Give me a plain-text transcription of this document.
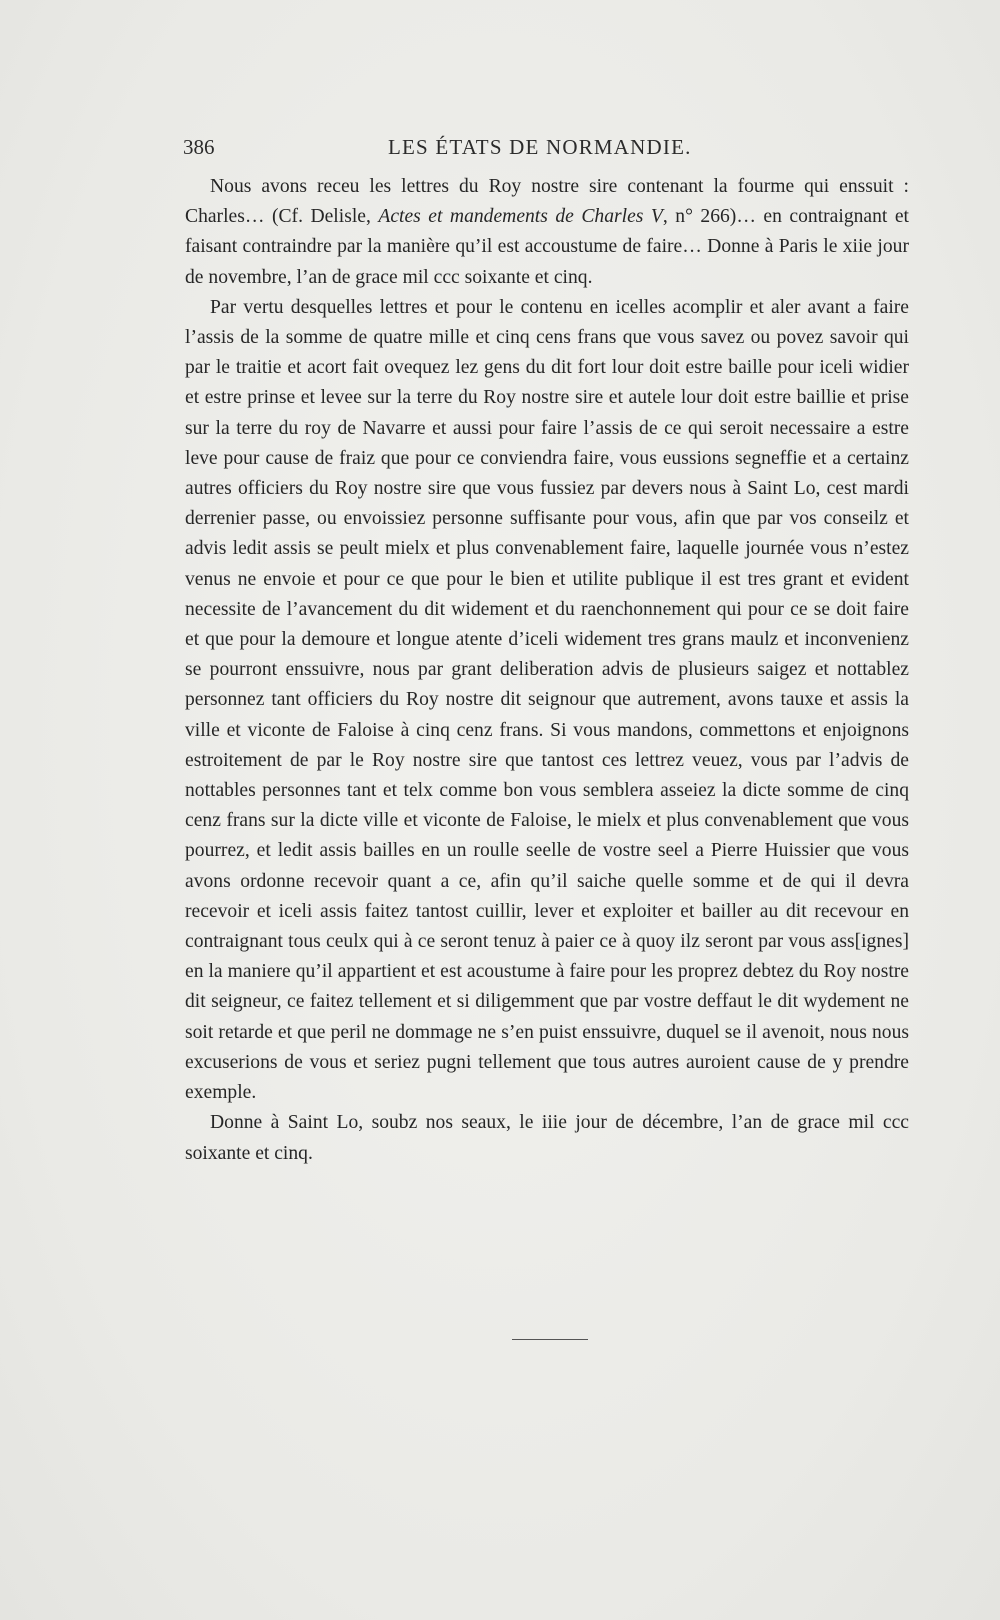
386	LES ÉTATS DE NORMANDIE.

Nous avons receu les lettres du Roy nostre sire contenant la fourme qui enssuit : Charles… (Cf. Delisle, Actes et mandements de Charles V, n° 266)… en contraignant et faisant contraindre par la manière qu’il est accoustume de faire… Donne à Paris le xiie jour de novembre, l’an de grace mil ccc soixante et cinq.

Par vertu desquelles lettres et pour le contenu en icelles acomplir et aler avant a faire l’assis de la somme de quatre mille et cinq cens frans que vous savez ou povez savoir qui par le traitie et acort fait ovequez lez gens du dit fort lour doit estre baille pour iceli widier et estre prinse et levee sur la terre du Roy nostre sire et autele lour doit estre baillie et prise sur la terre du roy de Navarre et aussi pour faire l’assis de ce qui seroit necessaire a estre leve pour cause de fraiz que pour ce conviendra faire, vous eussions segneffie et a certainz autres officiers du Roy nostre sire que vous fussiez par devers nous à Saint Lo, cest mardi derrenier passe, ou envoissiez personne suffisante pour vous, afin que par vos conseilz et advis ledit assis se peult mielx et plus convenablement faire, laquelle journée vous n’estez venus ne envoie et pour ce que pour le bien et utilite publique il est tres grant et evident necessite de l’avancement du dit widement et du raenchonnement qui pour ce se doit faire et que pour la demoure et longue atente d’iceli widement tres grans maulz et inconvenienz se pourront enssuivre, nous par grant deliberation advis de plusieurs saigez et nottablez personnez tant officiers du Roy nostre dit seignour que autrement, avons tauxe et assis la ville et viconte de Faloise à cinq cenz frans. Si vous mandons, commettons et enjoignons estroitement de par le Roy nostre sire que tantost ces lettrez veuez, vous par l’advis de nottables personnes tant et telx comme bon vous semblera asseiez la dicte somme de cinq cenz frans sur la dicte ville et viconte de Faloise, le mielx et plus convenablement que vous pourrez, et ledit assis bailles en un roulle seelle de vostre seel a Pierre Huissier que vous avons ordonne recevoir quant a ce, afin qu’il saiche quelle somme et de qui il devra recevoir et iceli assis faitez tantost cuillir, lever et exploiter et bailler au dit recevour en contraignant tous ceulx qui à ce seront tenuz à paier ce à quoy ilz seront par vous ass[ignes] en la maniere qu’il appartient et est acoustume à faire pour les proprez debtez du Roy nostre dit seigneur, ce faitez tellement et si diligemment que par vostre deffaut le dit wydement ne soit retarde et que peril ne dommage ne s’en puist enssuivre, duquel se il avenoit, nous nous excuserions de vous et seriez pugni tellement que tous autres auroient cause de y prendre exemple.

Donne à Saint Lo, soubz nos seaux, le iiie jour de décembre, l’an de grace mil ccc soixante et cinq.
